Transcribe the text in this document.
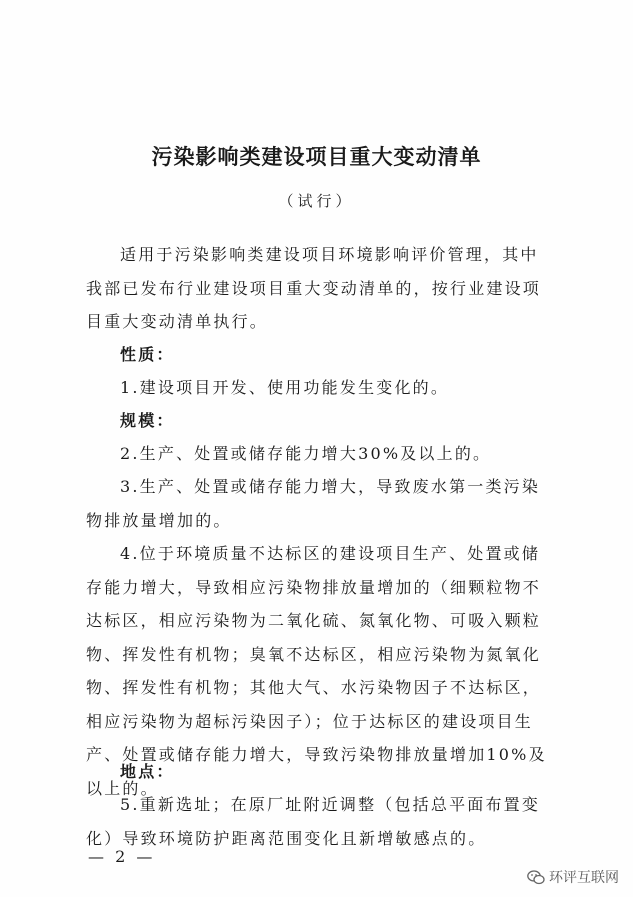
污染影响类建设项目重大变动清单
（试行）

适用于污染影响类建设项目环境影响评价管理，其中我部已发布行业建设项目重大变动清单的，按行业建设项目重大变动清单执行。

性质：

1.建设项目开发、使用功能发生变化的。

规模：

2.生产、处置或储存能力增大30%及以上的。

3.生产、处置或储存能力增大，导致废水第一类污染物排放量增加的。

4.位于环境质量不达标区的建设项目生产、处置或储存能力增大，导致相应污染物排放量增加的（细颗粒物不达标区，相应污染物为二氧化硫、氮氧化物、可吸入颗粒物、挥发性有机物；臭氧不达标区，相应污染物为氮氧化物、挥发性有机物；其他大气、水污染物因子不达标区，相应污染物为超标污染因子）；位于达标区的建设项目生产、处置或储存能力增大，导致污染物排放量增加10%及以上的。

地点：

5.重新选址；在原厂址附近调整（包括总平面布置变化）导致环境防护距离范围变化且新增敏感点的。

— 2 —
环评互联网
